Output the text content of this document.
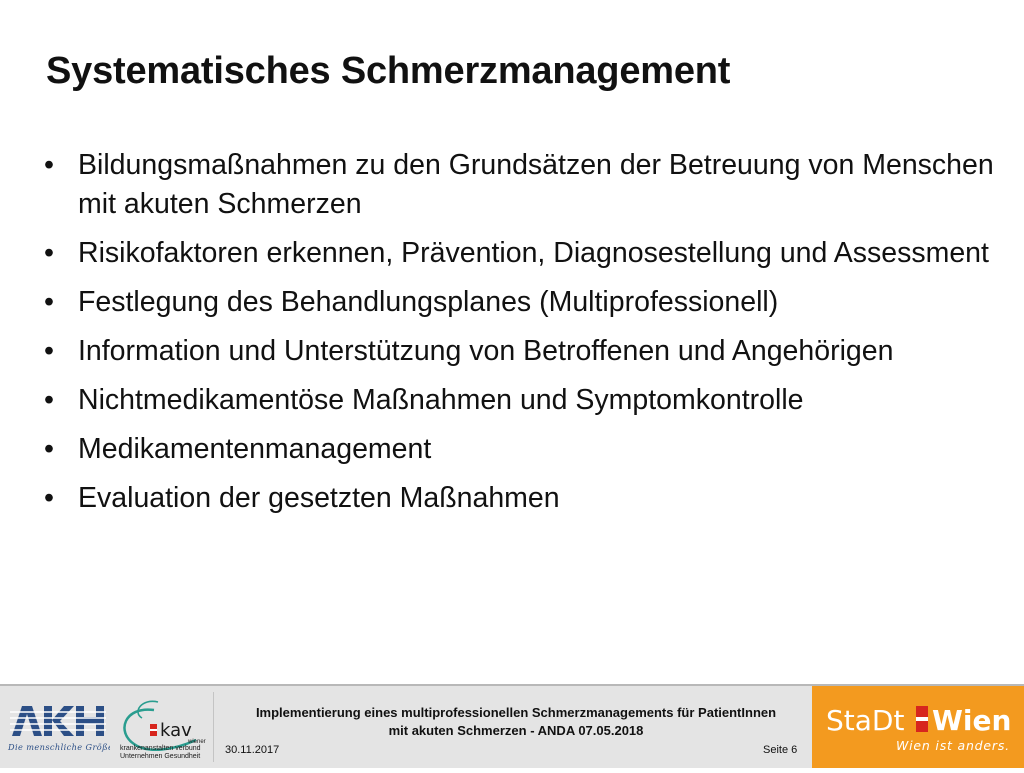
Systematisches Schmerzmanagement
• Bildungsmaßnahmen zu den Grundsätzen der Betreuung von Menschen mit akuten Schmerzen
• Risikofaktoren erkennen, Prävention, Diagnosestellung und Assessment
• Festlegung des Behandlungsplanes (Multiprofessionell)
• Information und Unterstützung von Betroffenen und Angehörigen
• Nichtmedikamentöse Maßnahmen und Symptomkontrolle
• Medikamentenmanagement
• Evaluation der gesetzten Maßnahmen
Die menschliche Größe
kav
wiener
krankenanstalten verbund
Unternehmen Gesundheit
Implementierung eines multiprofessionellen Schmerzmanagements für PatientInnen
mit akuten Schmerzen - ANDA 07.05.2018
30.11.2017	Seite 6
StaDt Wien
Wien ist anders.
